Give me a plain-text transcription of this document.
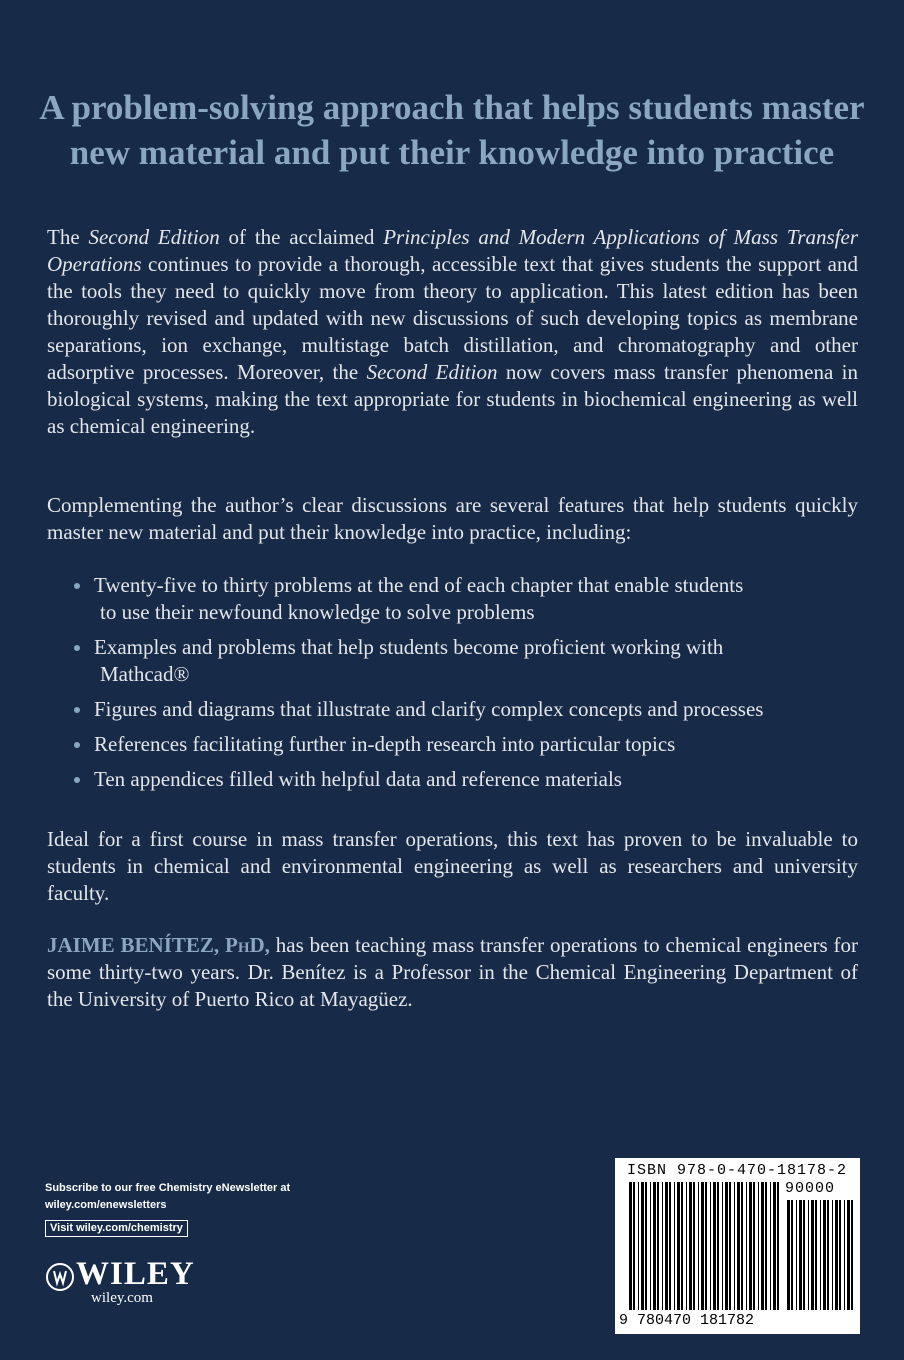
A problem-solving approach that helps students master
new material and put their knowledge into practice

The Second Edition of the acclaimed Principles and Modern Applications of Mass Transfer Operations continues to provide a thorough, accessible text that gives students the support and the tools they need to quickly move from theory to application. This latest edition has been thoroughly revised and updated with new discussions of such developing topics as membrane separations, ion exchange, multistage batch distillation, and chromatography and other adsorptive processes. Moreover, the Second Edition now covers mass transfer phenomena in biological systems, making the text appropriate for students in biochemical engineering as well as chemical engineering.

Complementing the author’s clear discussions are several features that help students quickly master new material and put their knowledge into practice, including:

Twenty-five to thirty problems at the end of each chapter that enable students
to use their newfound knowledge to solve problems
Examples and problems that help students become proficient working with
Mathcad®
Figures and diagrams that illustrate and clarify complex concepts and processes
References facilitating further in-depth research into particular topics
Ten appendices filled with helpful data and reference materials

Ideal for a first course in mass transfer operations, this text has proven to be invaluable to students in chemical and environmental engineering as well as researchers and university faculty.

JAIME BENÍTEZ, PhD, has been teaching mass transfer operations to chemical engineers for some thirty-two years. Dr. Benítez is a Professor in the Chemical Engineering Department of the University of Puerto Rico at Mayagüez.

Subscribe to our free Chemistry eNewsletter at
wiley.com/enewsletters
Visit wiley.com/chemistry
WILEY
wiley.com
ISBN 978-0-470-18178-2
90000
9 780470 181782
